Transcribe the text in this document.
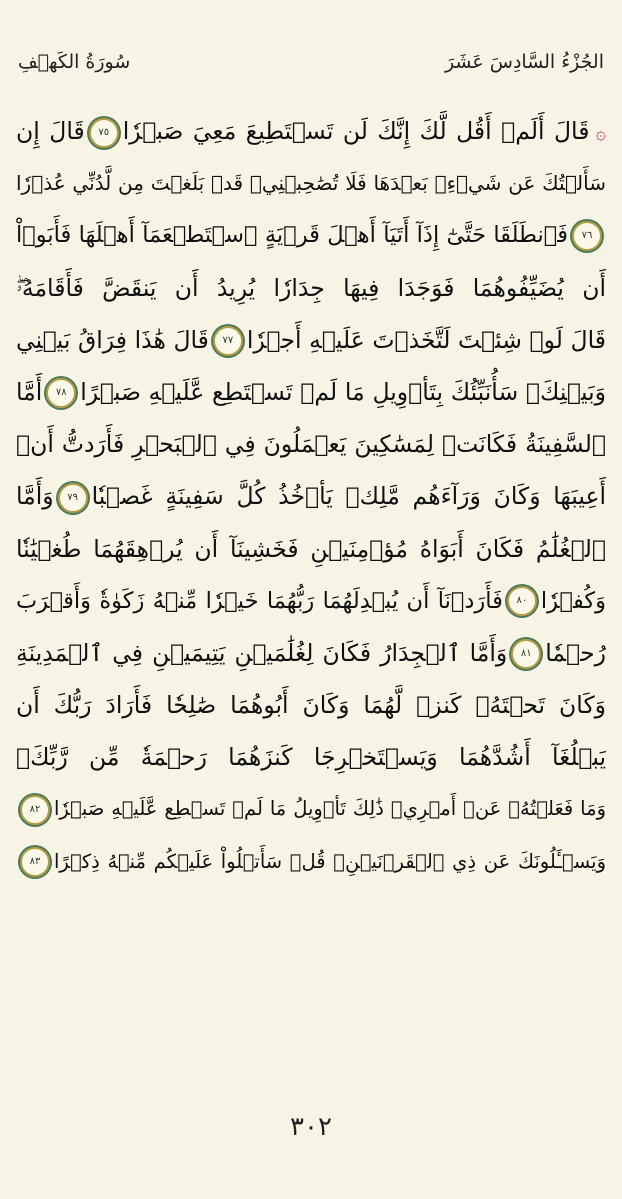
الجُزْءُ السَّادِسَ عَشَرَ
سُورَةُ الكَهۡفِ
۞قَالَ أَلَمۡ أَقُل لَّكَ إِنَّكَ لَن تَسۡتَطِيعَ مَعِيَ صَبۡرٗا٧٥قَالَ إِن
سَأَلۡتُكَ عَن شَيۡءِۭ بَعۡدَهَا فَلَا تُصَٰحِبۡنِيۖ قَدۡ بَلَغۡتَ مِن لَّدُنِّي عُذۡرٗا
٧٦فَٱنطَلَقَا حَتَّىٰٓ إِذَآ أَتَيَآ أَهۡلَ قَرۡيَةٍ ٱسۡتَطۡعَمَآ أَهۡلَهَا فَأَبَوۡاْ
أَن يُضَيِّفُوهُمَا فَوَجَدَا فِيهَا جِدَارٗا يُرِيدُ أَن يَنقَضَّ فَأَقَامَهُۥۖ
قَالَ لَوۡ شِئۡتَ لَتَّخَذۡتَ عَلَيۡهِ أَجۡرٗا٧٧قَالَ هَٰذَا فِرَاقُ بَيۡنِي
وَبَيۡنِكَۚ سَأُنَبِّئُكَ بِتَأۡوِيلِ مَا لَمۡ تَسۡتَطِع عَّلَيۡهِ صَبۡرًا٧٨أَمَّا
ٱلسَّفِينَةُ فَكَانَتۡ لِمَسَٰكِينَ يَعۡمَلُونَ فِي ٱلۡبَحۡرِ فَأَرَدتُّ أَنۡ
أَعِيبَهَا وَكَانَ وَرَآءَهُم مَّلِكٞ يَأۡخُذُ كُلَّ سَفِينَةٍ غَصۡبٗا٧٩وَأَمَّا
ٱلۡغُلَٰمُ فَكَانَ أَبَوَاهُ مُؤۡمِنَيۡنِ فَخَشِينَآ أَن يُرۡهِقَهُمَا طُغۡيَٰنٗا
وَكُفۡرٗا٨٠فَأَرَدۡنَآ أَن يُبۡدِلَهُمَا رَبُّهُمَا خَيۡرٗا مِّنۡهُ زَكَوٰةٗ وَأَقۡرَبَ
رُحۡمٗا٨١وَأَمَّا ٱلۡجِدَارُ فَكَانَ لِغُلَٰمَيۡنِ يَتِيمَيۡنِ فِي ٱلۡمَدِينَةِ
وَكَانَ تَحۡتَهُۥ كَنزٞ لَّهُمَا وَكَانَ أَبُوهُمَا صَٰلِحٗا فَأَرَادَ رَبُّكَ أَن
يَبۡلُغَآ أَشُدَّهُمَا وَيَسۡتَخۡرِجَا كَنزَهُمَا رَحۡمَةٗ مِّن رَّبِّكَۚ
وَمَا فَعَلۡتُهُۥ عَنۡ أَمۡرِيۚ ذَٰلِكَ تَأۡوِيلُ مَا لَمۡ تَسۡطِع عَّلَيۡهِ صَبۡرٗا٨٢
وَيَسۡـَٔلُونَكَ عَن ذِي ٱلۡقَرۡنَيۡنِۖ قُلۡ سَأَتۡلُواْ عَلَيۡكُم مِّنۡهُ ذِكۡرًا٨٣
٣٠٢
